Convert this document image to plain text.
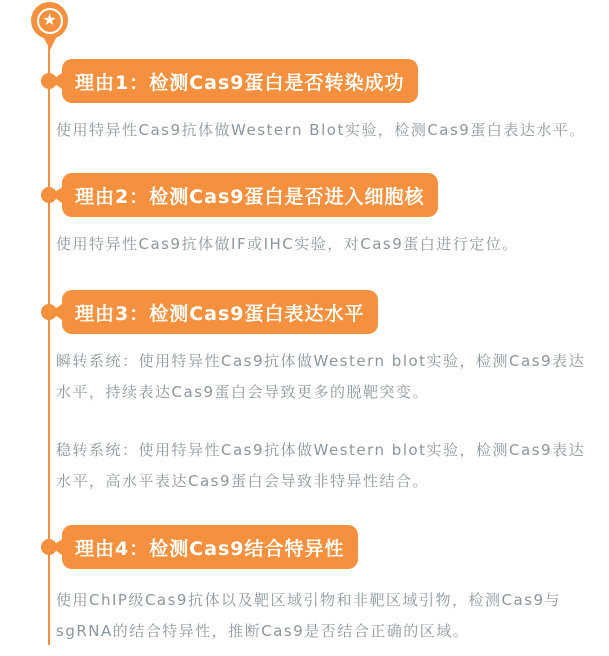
★
理由1：检测Cas9蛋白是否转染成功

使用特异性Cas9抗体做Western Blot实验，检测Cas9蛋白表达水平。

理由2：检测Cas9蛋白是否进入细胞核

使用特异性Cas9抗体做IF或IHC实验，对Cas9蛋白进行定位。

理由3：检测Cas9蛋白表达水平

瞬转系统：使用特异性Cas9抗体做Western blot实验，检测Cas9表达水平，持续表达Cas9蛋白会导致更多的脱靶突变。

稳转系统：使用特异性Cas9抗体做Western blot实验，检测Cas9表达水平，高水平表达Cas9蛋白会导致非特异性结合。

理由4：检测Cas9结合特异性

使用ChIP级Cas9抗体以及靶区域引物和非靶区域引物，检测Cas9与sgRNA的结合特异性，推断Cas9是否结合正确的区域。
